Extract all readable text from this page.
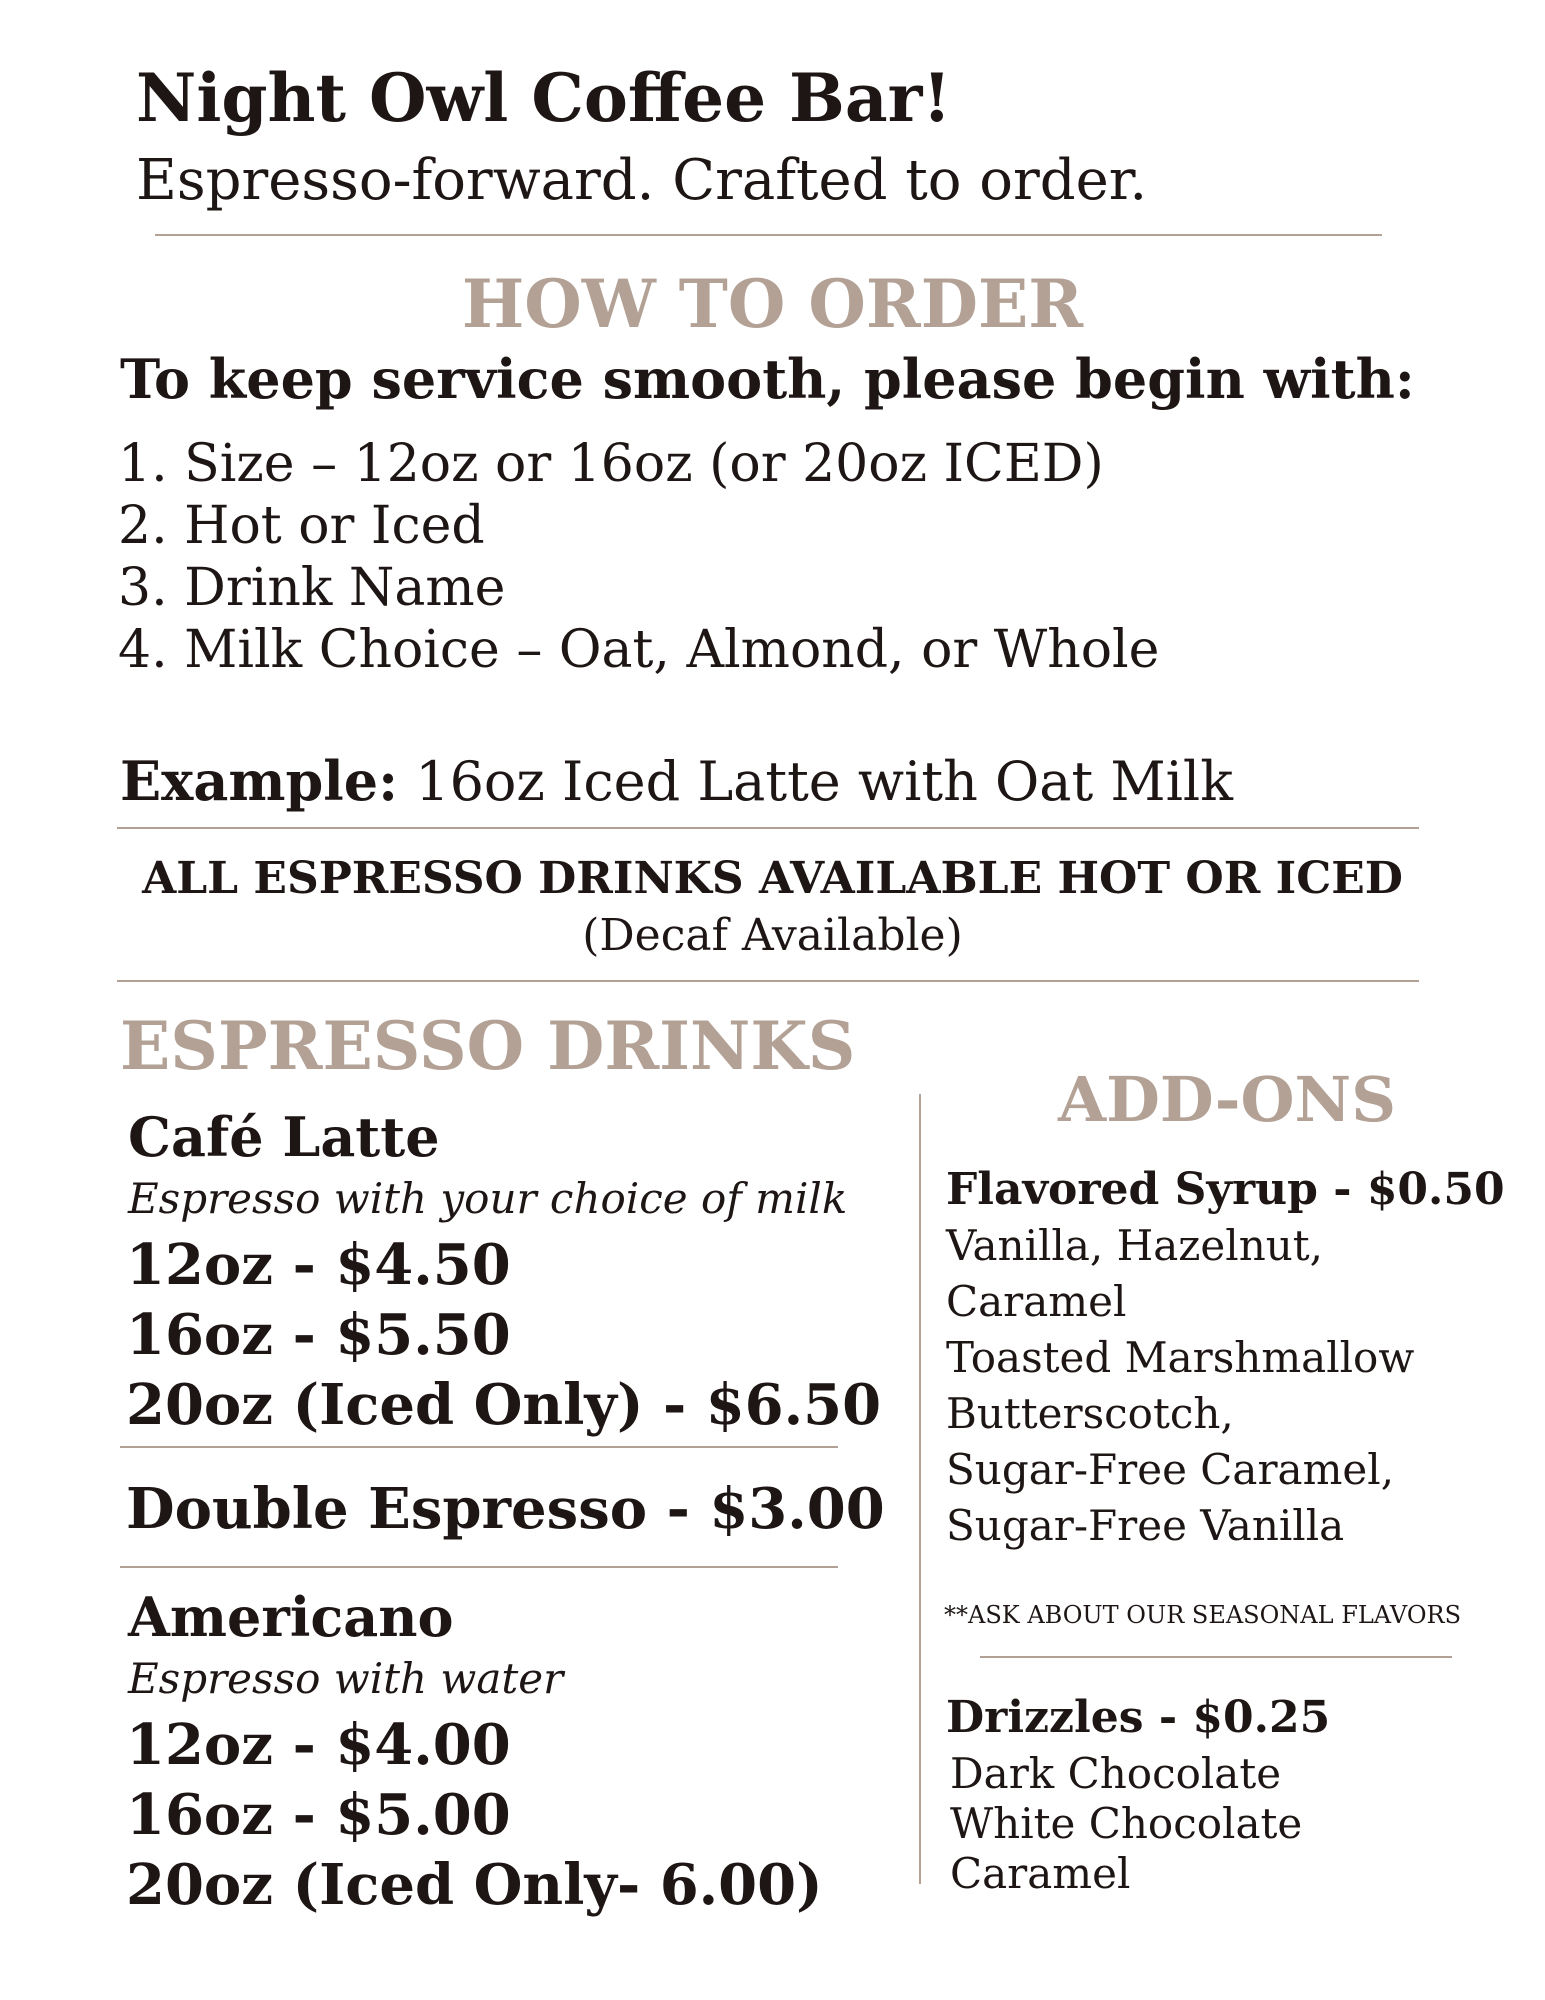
Night Owl Coffee Bar!
Espresso-forward. Crafted to order.
HOW TO ORDER
To keep service smooth, please begin with:
1. Size – 12oz or 16oz (or 20oz ICED)
2. Hot or Iced
3. Drink Name
4. Milk Choice – Oat, Almond, or Whole
Example: 16oz Iced Latte with Oat Milk
ALL ESPRESSO DRINKS AVAILABLE HOT OR ICED
(Decaf Available)
ESPRESSO DRINKS
Café Latte
Espresso with your choice of milk
12oz - $4.50
16oz - $5.50
20oz (Iced Only) - $6.50
Double Espresso - $3.00
Americano
Espresso with water
12oz - $4.00
16oz - $5.00
20oz (Iced Only- 6.00)
ADD-ONS
Flavored Syrup - $0.50
Vanilla, Hazelnut,
Caramel
Toasted Marshmallow
Butterscotch,
Sugar-Free Caramel,
Sugar-Free Vanilla
**ASK ABOUT OUR SEASONAL FLAVORS
Drizzles - $0.25
Dark Chocolate
White Chocolate
Caramel
